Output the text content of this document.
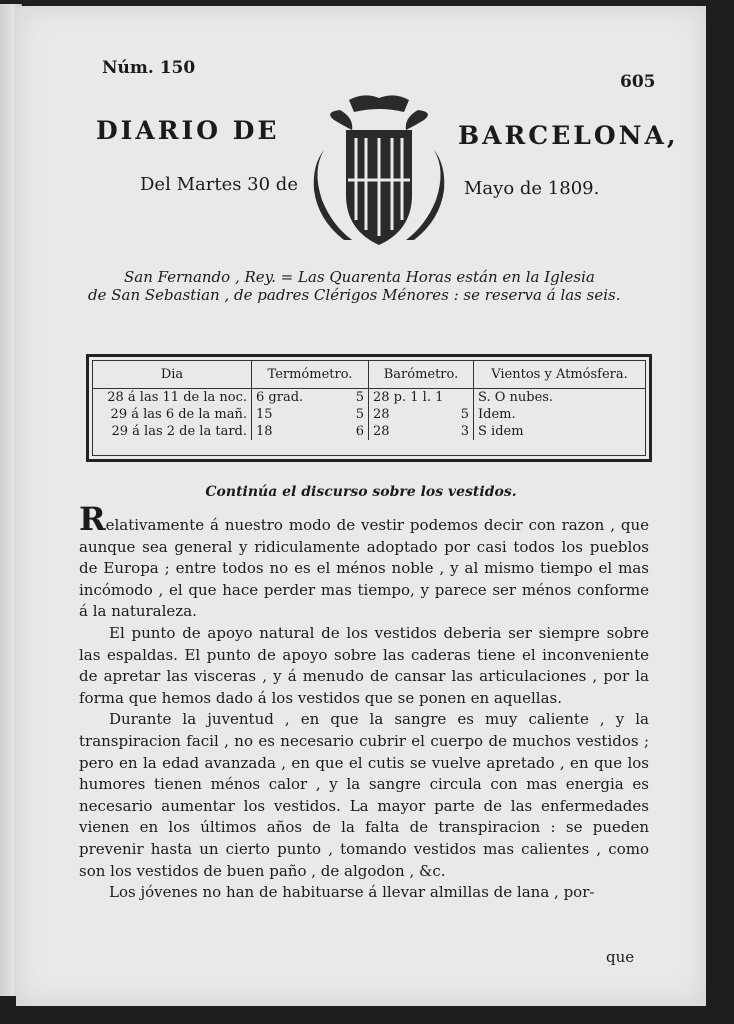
Núm. 150
605
DIARIO DE	BARCELONA,
Del Martes 30 de	Mayo de 1809.
San Fernando , Rey. = Las Quarenta Horas están en la Iglesia
de San Sebastian , de padres Clérigos Ménores : se reserva á las seis.
Dia	Termómetro.	Barómetro.	Vientos y Atmósfera.
28 á las 11 de la noc.	6 grad. 5	28 p. 1 l. 1	S. O nubes.
29 á las 6 de la mañ.	15 5	28 5	Idem.
29 á las 2 de la tard.	18 6	28 3	S idem
Continúa el discurso sobre los vestidos.

Relativamente á nuestro modo de vestir podemos decir con razon , que aunque sea general y ridiculamente adoptado por casi todos los pueblos de Europa ; entre todos no es el ménos noble , y al mismo tiempo el mas incómodo , el que hace perder mas tiempo, y parece ser ménos conforme á la naturaleza.

El punto de apoyo natural de los vestidos deberia ser siempre sobre las espaldas. El punto de apoyo sobre las caderas tiene el inconveniente de apretar las visceras , y á menudo de cansar las articulaciones , por la forma que hemos dado á los vestidos que se ponen en aquellas.

Durante la juventud , en que la sangre es muy caliente , y la transpiracion facil , no es necesario cubrir el cuerpo de muchos vestidos ; pero en la edad avanzada , en que el cutis se vuelve apretado , en que los humores tienen ménos calor , y la sangre circula con mas energia es necesario aumentar los vestidos. La mayor parte de las enfermedades vienen en los últimos años de la falta de transpiracion : se pueden prevenir hasta un cierto punto , tomando vestidos mas calientes , como son los vestidos de buen paño , de algodon , &c.

Los jóvenes no han de habituarse á llevar almillas de lana , por-

que
